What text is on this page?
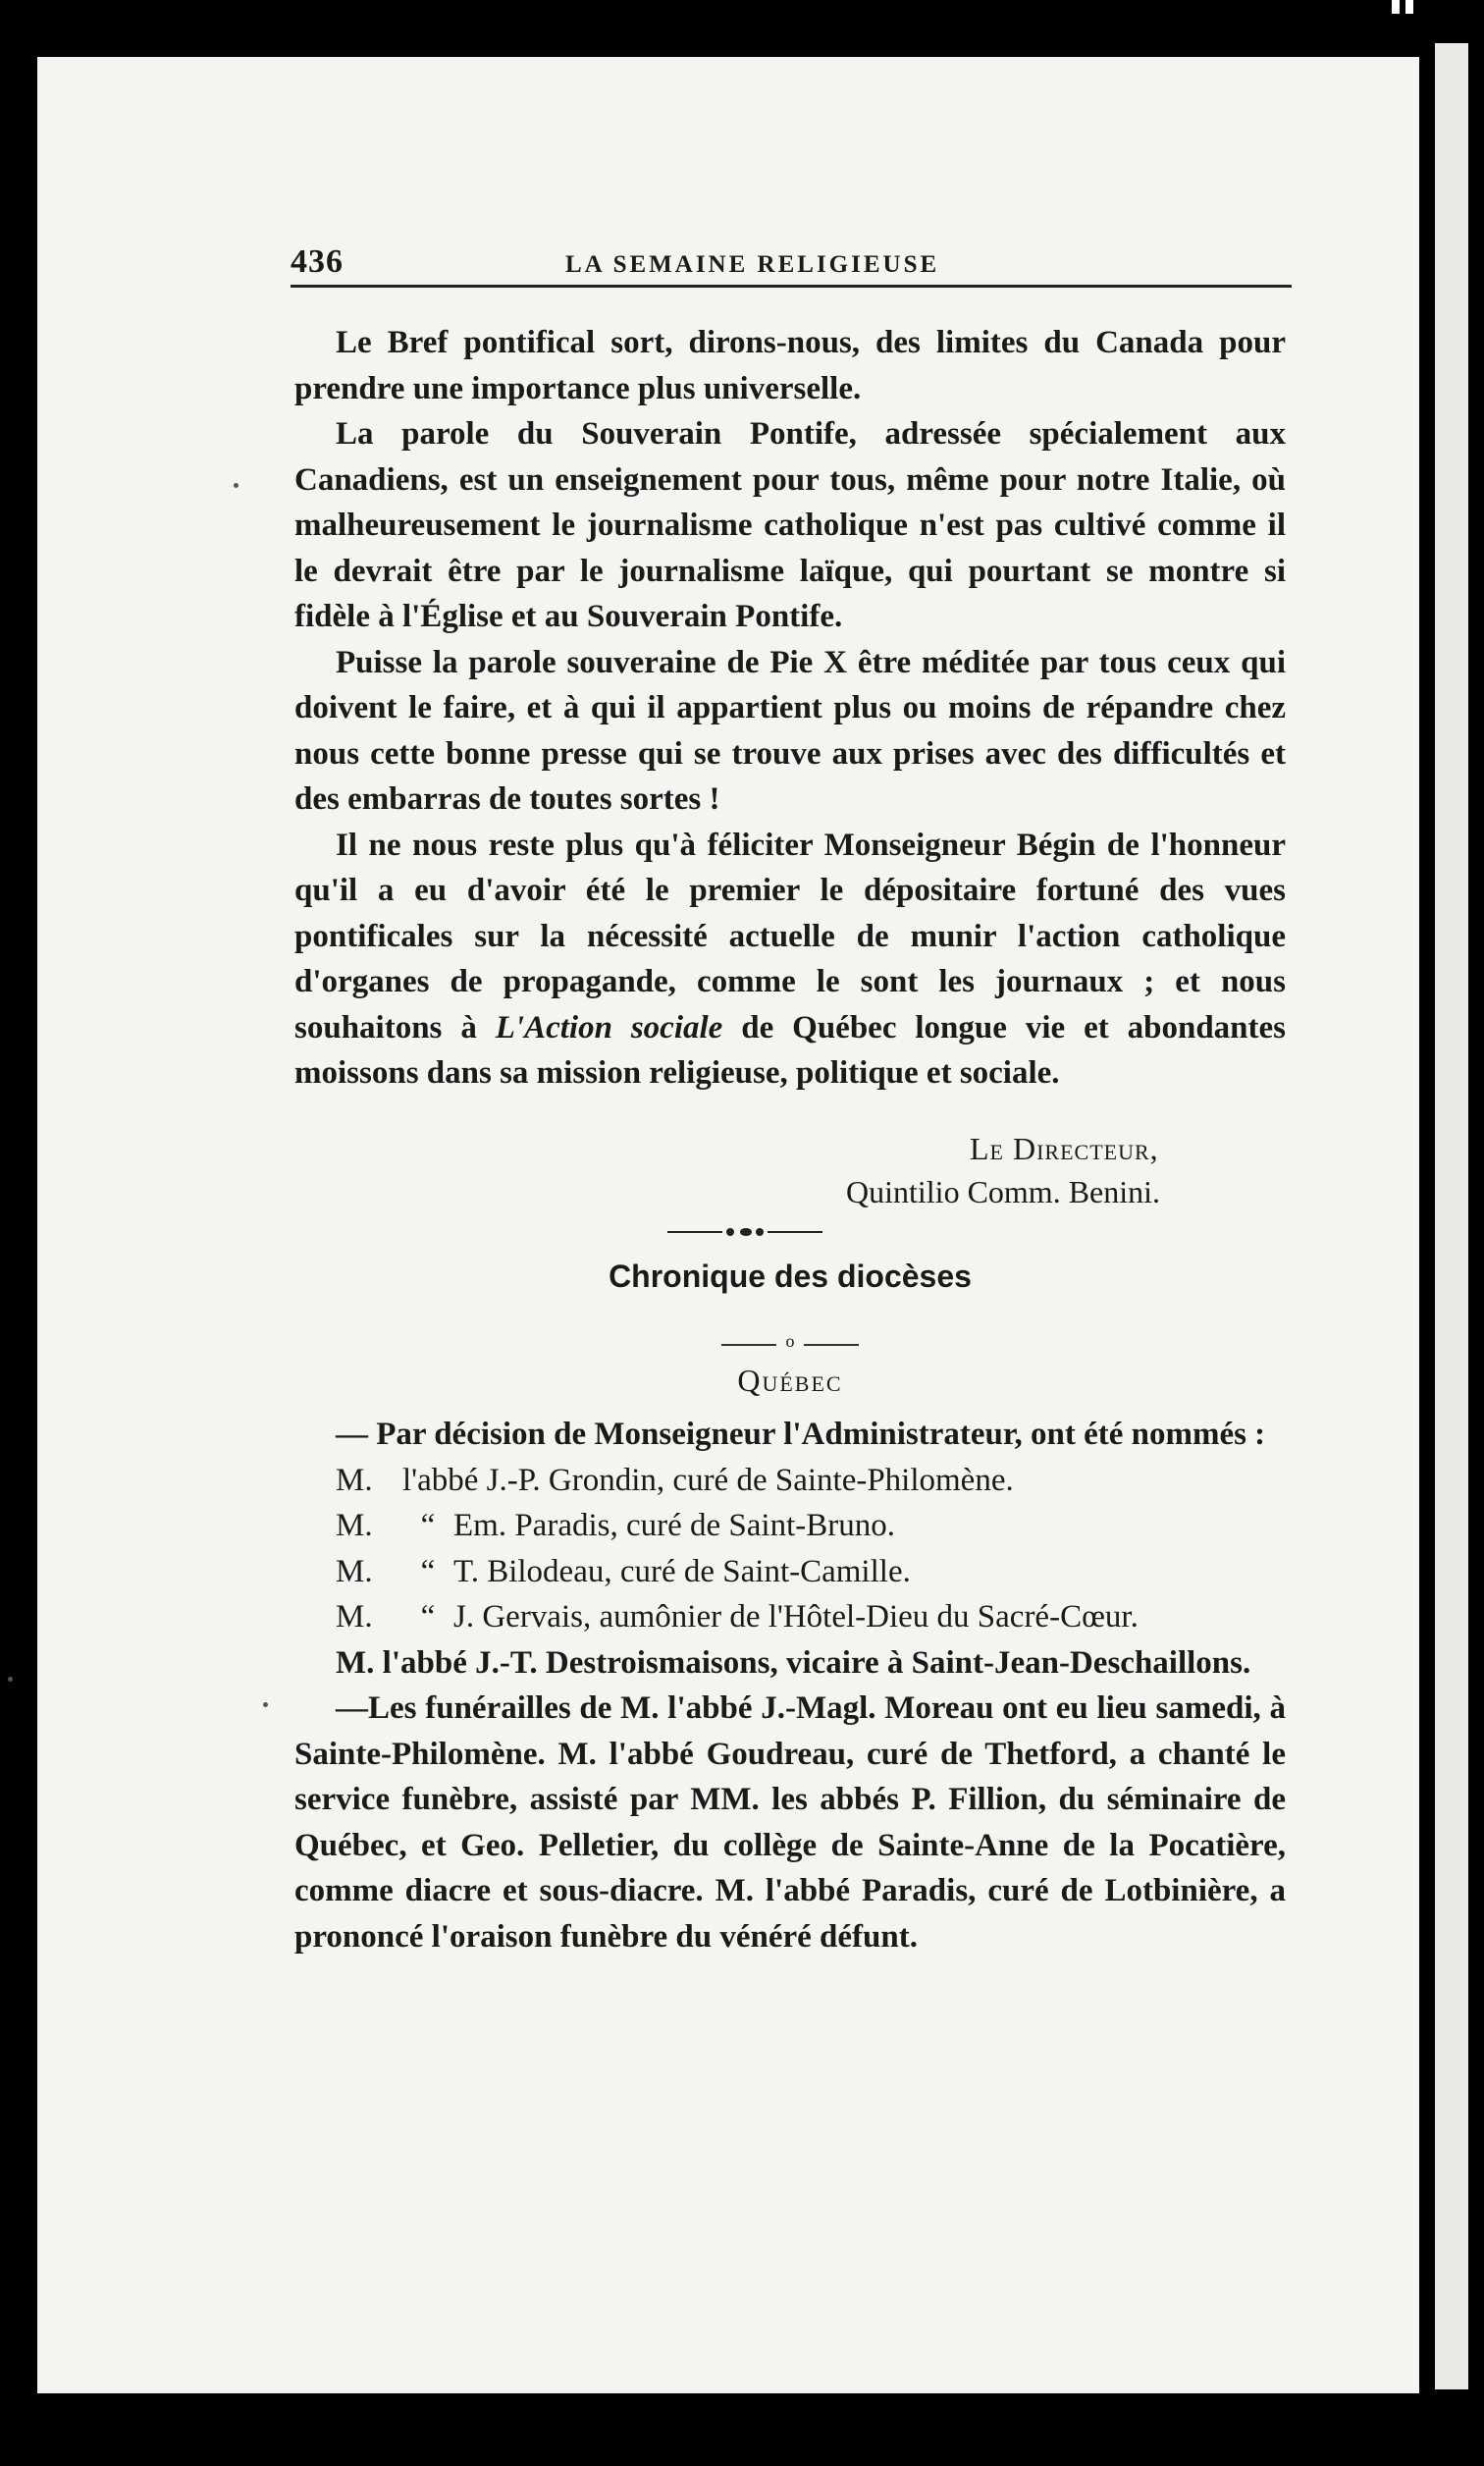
436	LA SEMAINE RELIGIEUSE

Le Bref pontifical sort, dirons-nous, des limites du Canada pour prendre une importance plus universelle.

La parole du Souverain Pontife, adressée spécialement aux Canadiens, est un enseignement pour tous, même pour notre Italie, où malheureusement le journalisme catholique n'est pas cultivé comme il le devrait être par le journalisme laïque, qui pourtant se montre si fidèle à l'Église et au Souverain Pontife.

Puisse la parole souveraine de Pie X être méditée par tous ceux qui doivent le faire, et à qui il appartient plus ou moins de répandre chez nous cette bonne presse qui se trouve aux prises avec des difficultés et des embarras de toutes sortes !

Il ne nous reste plus qu'à féliciter Monseigneur Bégin de l'honneur qu'il a eu d'avoir été le premier le dépositaire fortuné des vues pontificales sur la nécessité actuelle de munir l'action catholique d'organes de propagande, comme le sont les journaux ; et nous souhaitons à L'Action sociale de Québec longue vie et abondantes moissons dans sa mission religieuse, politique et sociale.

Le Directeur,
Quintilio Comm. Benini.
Chronique des diocèses
o
Québec

— Par décision de Monseigneur l'Administrateur, ont été nommés :

M. l'abbé J.-P. Grondin, curé de Sainte-Philomène.

M. “ Em. Paradis, curé de Saint-Bruno.

M. “ T. Bilodeau, curé de Saint-Camille.

M. “ J. Gervais, aumônier de l'Hôtel-Dieu du Sacré-Cœur.

M. l'abbé J.-T. Destroismaisons, vicaire à Saint-Jean-Deschaillons.

—Les funérailles de M. l'abbé J.-Magl. Moreau ont eu lieu samedi, à Sainte-Philomène. M. l'abbé Goudreau, curé de Thetford, a chanté le service funèbre, assisté par MM. les abbés P. Fillion, du séminaire de Québec, et Geo. Pelletier, du collège de Sainte-Anne de la Pocatière, comme diacre et sous-diacre. M. l'abbé Paradis, curé de Lotbinière, a prononcé l'oraison funèbre du vénéré défunt.
